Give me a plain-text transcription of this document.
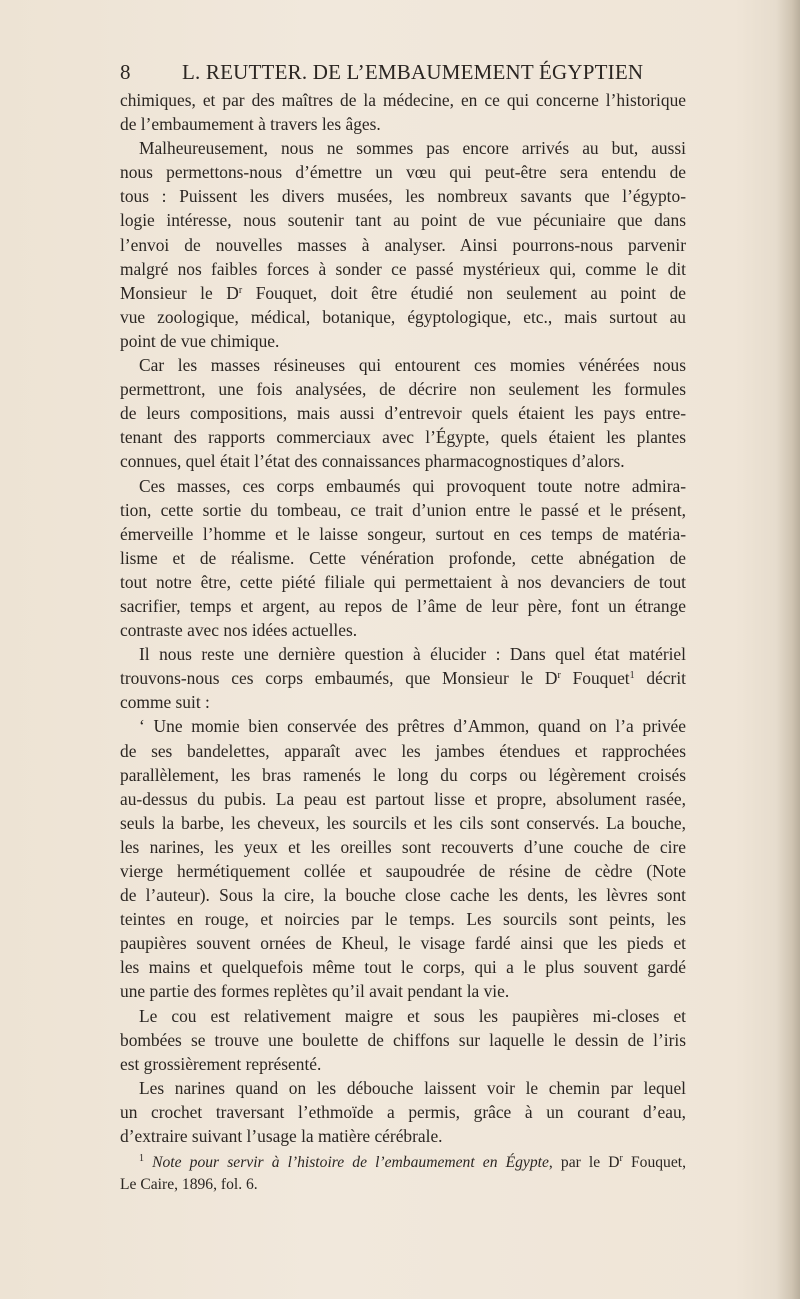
8 L. REUTTER. DE L’EMBAUMEMENT ÉGYPTIEN
chimiques, et par des maîtres de la médecine, en ce qui concerne l’historique
de l’embaumement à travers les âges.
Malheureusement, nous ne sommes pas encore arrivés au but, aussi
nous permettons-nous d’émettre un vœu qui peut-être sera entendu de
tous : Puissent les divers musées, les nombreux savants que l’égypto-
logie intéresse, nous soutenir tant au point de vue pécuniaire que dans
l’envoi de nouvelles masses à analyser. Ainsi pourrons-nous parvenir
malgré nos faibles forces à sonder ce passé mystérieux qui, comme le dit
Monsieur le $D^r$ Fouquet, doit être étudié non seulement au point de
vue zoologique, médical, botanique, égyptologique, etc., mais surtout au
point de vue chimique.
Car les masses résineuses qui entourent ces momies vénérées nous
permettront, une fois analysées, de décrire non seulement les formules
de leurs compositions, mais aussi d’entrevoir quels étaient les pays entre-
tenant des rapports commerciaux avec l’Égypte, quels étaient les plantes
connues, quel était l’état des connaissances pharmacognostiques d’alors.
Ces masses, ces corps embaumés qui provoquent toute notre admira-
tion, cette sortie du tombeau, ce trait d’union entre le passé et le présent,
émerveille l’homme et le laisse songeur, surtout en ces temps de matéria-
lisme et de réalisme. Cette vénération profonde, cette abnégation de
tout notre être, cette piété filiale qui permettaient à nos devanciers de tout
sacrifier, temps et argent, au repos de l’âme de leur père, font un étrange
contraste avec nos idées actuelles.
Il nous reste une dernière question à élucider : Dans quel état matériel
trouvons-nous ces corps embaumés, que Monsieur le $D^r$ Fouquet$^1$ décrit
comme suit :
‘ Une momie bien conservée des prêtres d’Ammon, quand on l’a privée
de ses bandelettes, apparaît avec les jambes étendues et rapprochées
parallèlement, les bras ramenés le long du corps ou légèrement croisés
au-dessus du pubis. La peau est partout lisse et propre, absolument rasée,
seuls la barbe, les cheveux, les sourcils et les cils sont conservés. La bouche,
les narines, les yeux et les oreilles sont recouverts d’une couche de cire
vierge hermétiquement collée et saupoudrée de résine de cèdre (Note
de l’auteur). Sous la cire, la bouche close cache les dents, les lèvres sont
teintes en rouge, et noircies par le temps. Les sourcils sont peints, les
paupières souvent ornées de Kheul, le visage fardé ainsi que les pieds et
les mains et quelquefois même tout le corps, qui a le plus souvent gardé
une partie des formes replètes qu’il avait pendant la vie.
Le cou est relativement maigre et sous les paupières mi-closes et
bombées se trouve une boulette de chiffons sur laquelle le dessin de l’iris
est grossièrement représenté.
Les narines quand on les débouche laissent voir le chemin par lequel
un crochet traversant l’ethmoïde a permis, grâce à un courant d’eau,
d’extraire suivant l’usage la matière cérébrale.
$^1$ Note pour servir à l’histoire de l’embaumement en Égypte, par le $D^r$ Fouquet,
Le Caire, 1896, fol. 6.
